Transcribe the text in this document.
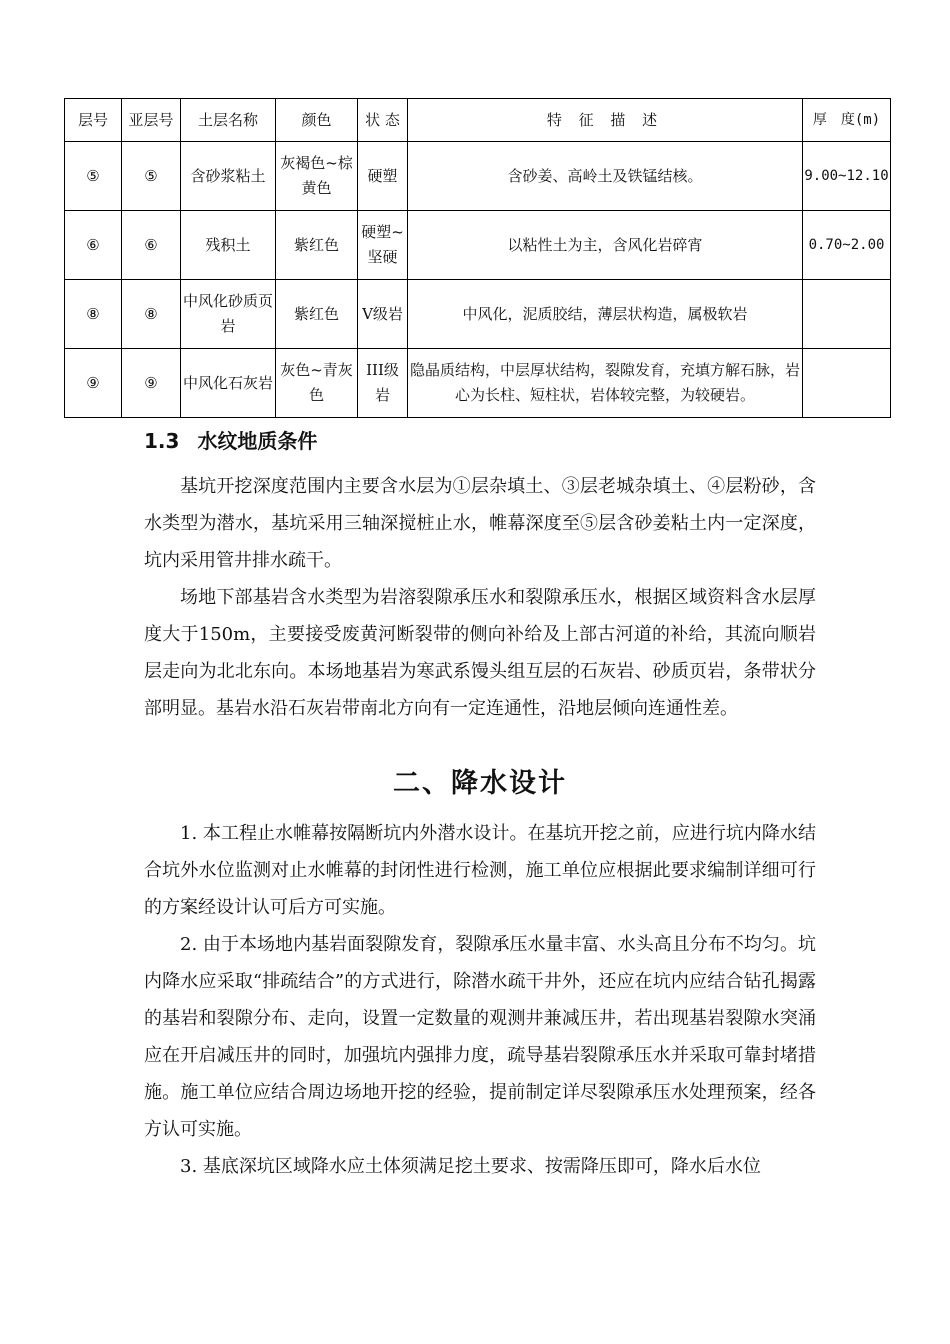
层号	亚层号	土层名称	颜色	状 态	特 征 描 述	厚　度(m)
⑤	⑤	含砂浆粘土	灰褐色~棕黄色	硬塑	含砂姜、高岭土及铁锰结核。	9.00~12.10
⑥	⑥	残积土	紫红色	硬塑~坚硬	以粘性土为主，含风化岩碎宵	0.70~2.00
⑧	⑧	中风化砂质页岩	紫红色	V级岩	中风化，泥质胶结，薄层状构造，属极软岩	
⑨	⑨	中风化石灰岩	灰色~青灰色	III级岩	隐晶质结构，中层厚状结构，裂隙发育，充填方解石脉，岩心为长柱、短柱状，岩体较完整，为较硬岩。	
1.3 水纹地质条件

基坑开挖深度范围内主要含水层为①层杂填土、③层老城杂填土、④层粉砂，含水类型为潜水，基坑采用三轴深搅桩止水，帷幕深度至⑤层含砂姜粘土内一定深度，坑内采用管井排水疏干。

场地下部基岩含水类型为岩溶裂隙承压水和裂隙承压水，根据区域资料含水层厚度大于150m，主要接受废黄河断裂带的侧向补给及上部古河道的补给，其流向顺岩层走向为北北东向。本场地基岩为寒武系馒头组互层的石灰岩、砂质页岩，条带状分部明显。基岩水沿石灰岩带南北方向有一定连通性，沿地层倾向连通性差。

二、降水设计

1. 本工程止水帷幕按隔断坑内外潜水设计。在基坑开挖之前，应进行坑内降水结合坑外水位监测对止水帷幕的封闭性进行检测，施工单位应根据此要求编制详细可行的方案经设计认可后方可实施。

2. 由于本场地内基岩面裂隙发育，裂隙承压水量丰富、水头高且分布不均匀。坑内降水应采取“排疏结合”的方式进行，除潜水疏干井外，还应在坑内应结合钻孔揭露的基岩和裂隙分布、走向，设置一定数量的观测井兼减压井，若出现基岩裂隙水突涌应在开启减压井的同时，加强坑内强排力度，疏导基岩裂隙承压水并采取可靠封堵措施。施工单位应结合周边场地开挖的经验，提前制定详尽裂隙承压水处理预案，经各方认可实施。

3. 基底深坑区域降水应土体须满足挖土要求、按需降压即可，降水后水位
